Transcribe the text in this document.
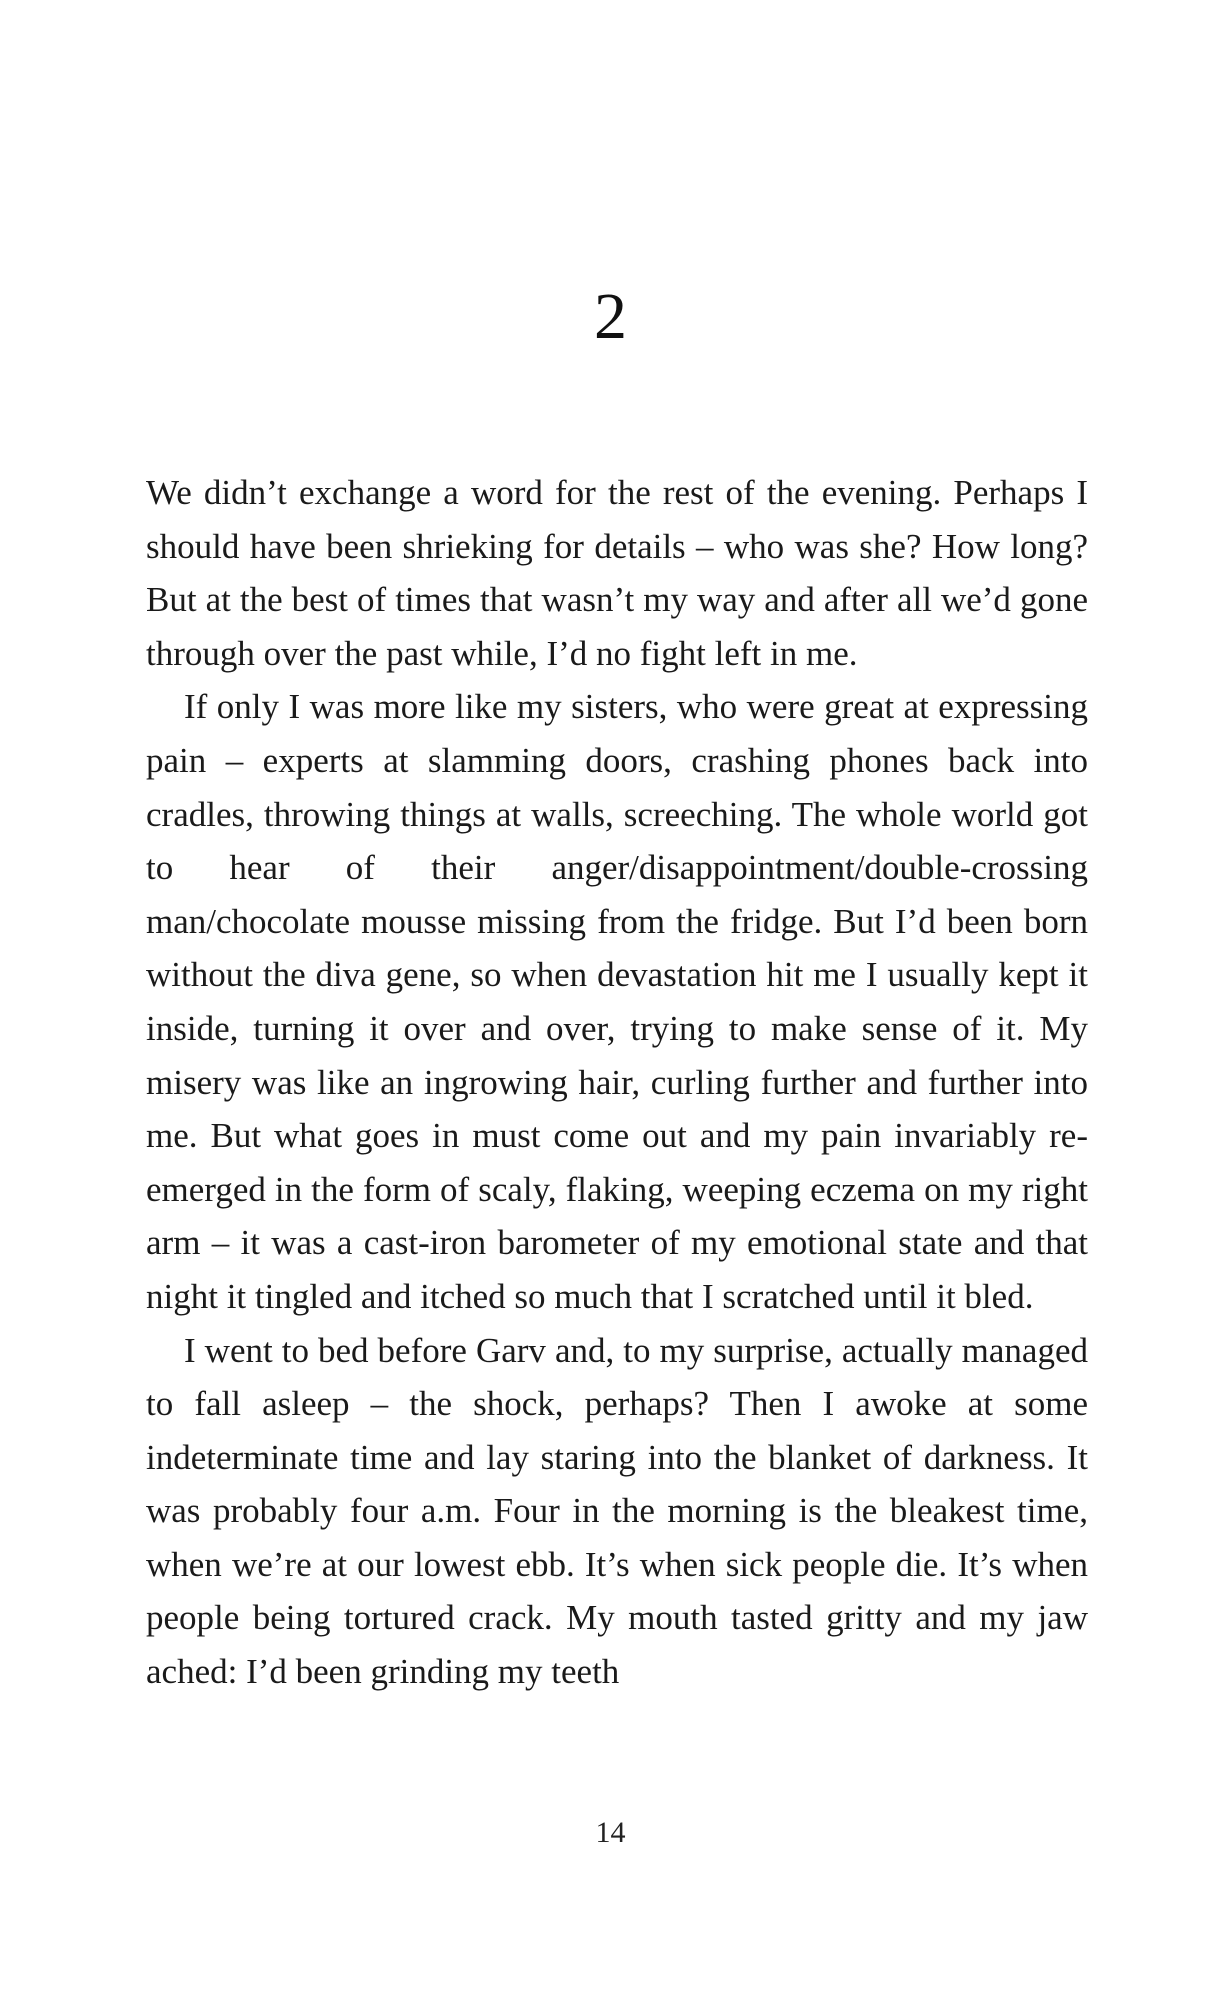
2

We didn’t exchange a word for the rest of the evening. Perhaps I should have been shrieking for details – who was she? How long? But at the best of times that wasn’t my way and after all we’d gone through over the past while, I’d no fight left in me.

If only I was more like my sisters, who were great at expressing pain – experts at slamming doors, crashing phones back into cradles, throwing things at walls, screeching. The whole world got to hear of their anger/disappointment/double-crossing man/chocolate mousse missing from the fridge. But I’d been born without the diva gene, so when devastation hit me I usually kept it inside, turning it over and over, trying to make sense of it. My misery was like an ingrowing hair, curling further and further into me. But what goes in must come out and my pain invariably re-emerged in the form of scaly, flaking, weeping eczema on my right arm – it was a cast-iron barometer of my emotional state and that night it tingled and itched so much that I scratched until it bled.

I went to bed before Garv and, to my surprise, actually managed to fall asleep – the shock, perhaps? Then I awoke at some indeterminate time and lay staring into the blanket of darkness. It was probably four a.m. Four in the morning is the bleakest time, when we’re at our lowest ebb. It’s when sick people die. It’s when people being tortured crack. My mouth tasted gritty and my jaw ached: I’d been grinding my teeth

14
